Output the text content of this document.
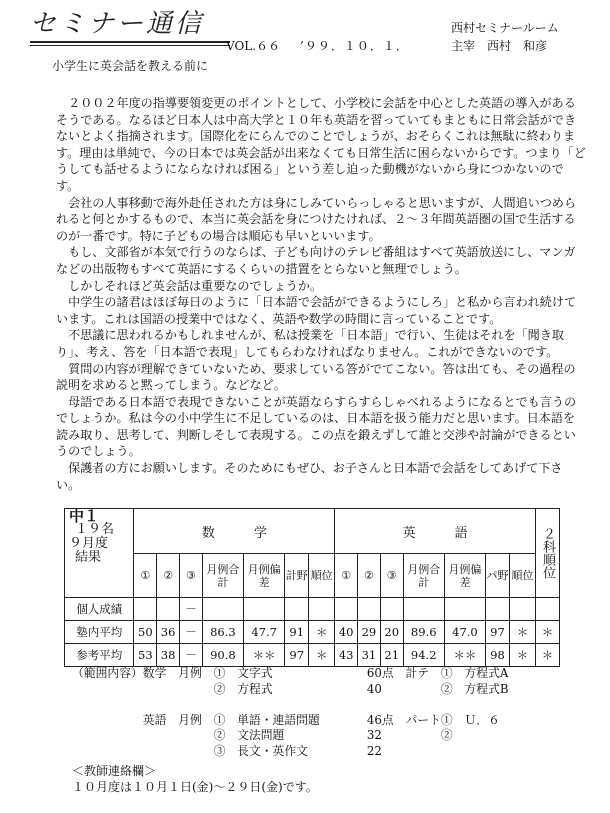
セミナー通信
VOL.６６ ’９９．１０．１．
西村セミナールーム
主宰　西村　和彦
小学生に英会話を教える前に

２００２年度の指導要領変更のポイントとして、小学校に会話を中心とした英語の導入があるそうである。なるほど日本人は中高大学と１０年も英語を習っていてもまともに日常会話ができないとよく指摘されます。国際化をにらんでのことでしょうが、おそらくこれは無駄に終わります。理由は単純で、今の日本では英会話が出来なくても日常生活に困らないからです。つまり「どうしても話せるようにならなければ困る」という差し迫った動機がないから身につかないのです。

会社の人事移動で海外赴任された方は身にしみていらっしゃると思いますが、人間追いつめられると何とかするもので、本当に英会話を身につけたければ、２～３年間英語圏の国で生活するのが一番です。特に子どもの場合は順応も早いといいます。

もし、文部省が本気で行うのならば、子ども向けのテレビ番組はすべて英語放送にし、マンガなどの出版物もすべて英語にするくらいの措置をとらないと無理でしょう。

しかしそれほど英会話は重要なのでしょうか。

中学生の諸君はほぼ毎日のように「日本語で会話ができるようにしろ」と私から言われ続けています。これは国語の授業中ではなく、英語や数学の時間に言っていることです。

不思議に思われるかもしれませんが、私は授業を「日本語」で行い、生徒はそれを「聞き取り」、考え、答を「日本語で表現」してもらわなければなりません。これができないのです。

質問の内容が理解できていないため、要求している答がでてこない。答は出ても、その過程の説明を求めると黙ってしまう。などなど。

母語である日本語で表現できないことが英語ならすらすらしゃべれるようになるとでも言うのでしょうか。私は今の小中学生に不足しているのは、日本語を扱う能力だと思います。日本語を読み取り、思考して、判断しそして表現する。この点を鍛えずして誰と交渉や討論ができるというのでしょう。

保護者の方にお願いします。そのためにもぜひ、お子さんと日本語で会話をしてあげて下さい。

中１
１９名
９月度
結果	数　　　学							英　　　語							２科順位
	①	②	③	月例合計	月例偏差	計野	順位	①	②	③	月例合計	月例偏差	パ野	順位	
個人成績			－												
塾内平均	50	36	－	86.3	47.7	91	＊	40	29	20	89.6	47.0	97	＊	＊
参考平均	53	38	－	90.8	＊＊	97	＊	43	31	21	94.2	＊＊	98	＊	＊
（範囲内容）数学　月例　①　文字式　　　　　　　　60点　計テ　①　方程式A
　　　　　　　　　　　　②　方程式　　　　　　　　40　　　　　②　方程式B
　　　　　　英語　月例　①　単語・連語問題　　　　46点　パート①　Ｕ．６
　　　　　　　　　　　　②　文法問題　　　　　　　32　　　　　②
　　　　　　　　　　　　③　長文・英作文　　　　　22
＜教師連絡欄＞
１０月度は１０月１日(金)～２９日(金)です。
